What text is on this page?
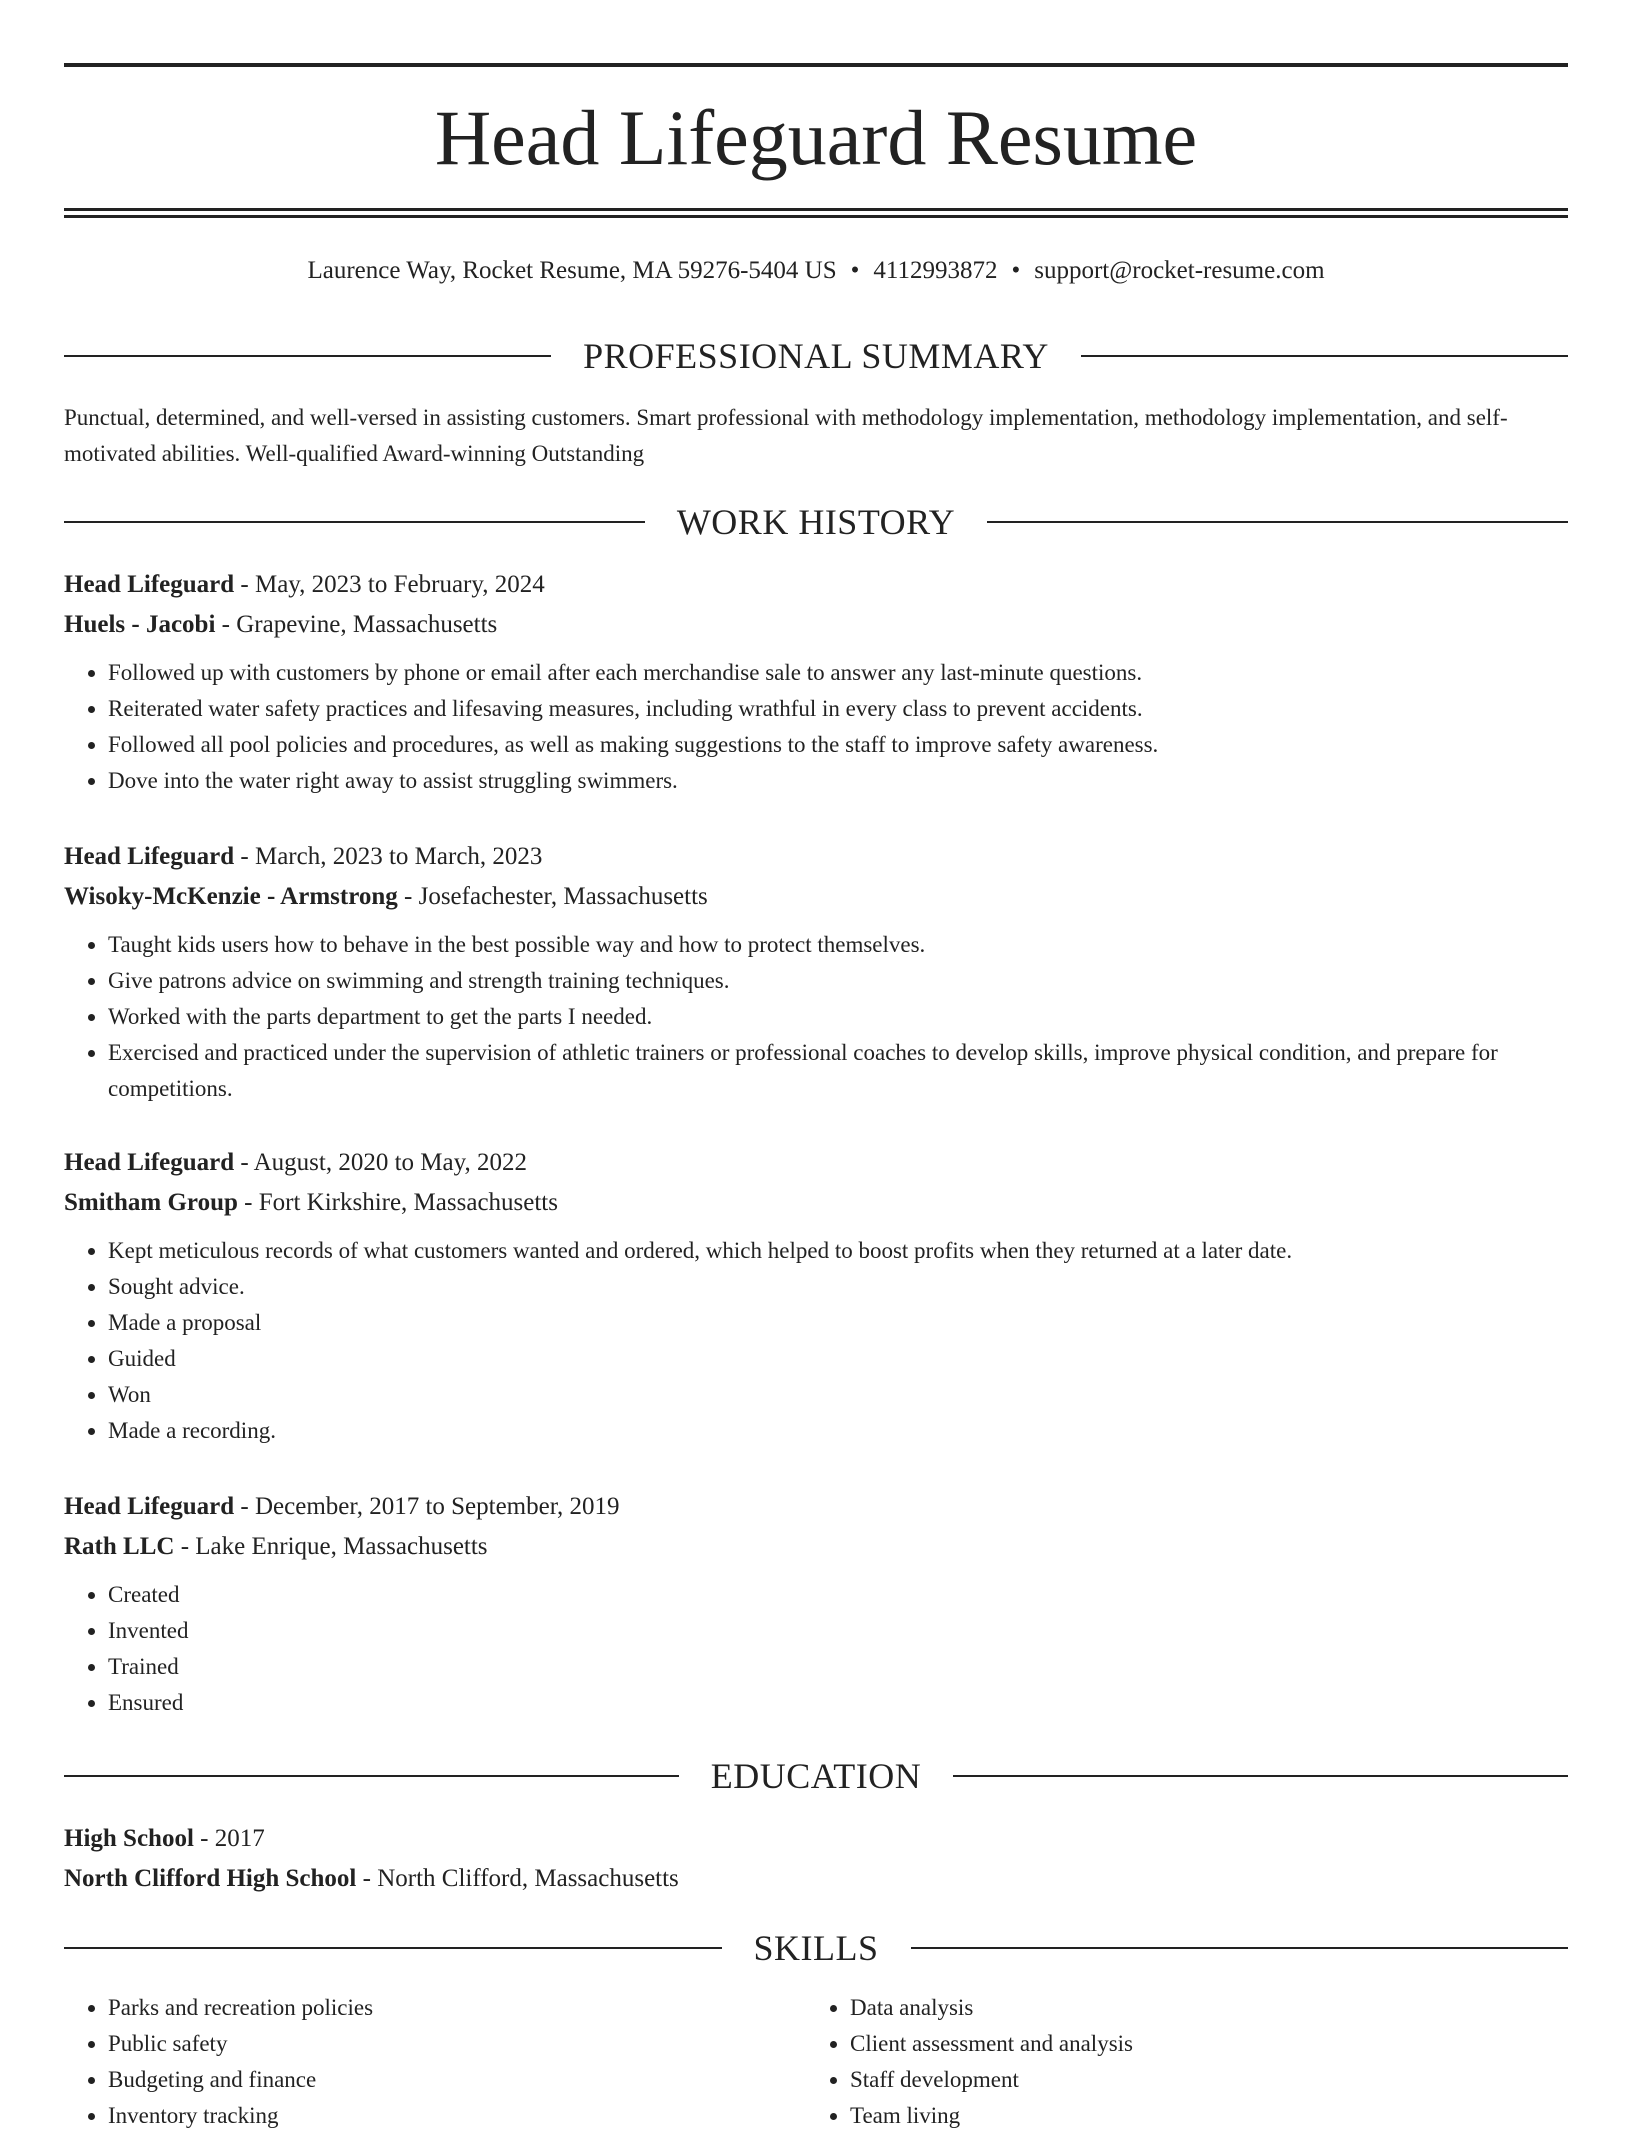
Head Lifeguard Resume
Laurence Way, Rocket Resume, MA 59276-5404 US • 4112993872 • support@rocket-resume.com
PROFESSIONAL SUMMARY
Punctual, determined, and well-versed in assisting customers. Smart professional with methodology implementation, methodology implementation, and self-motivated abilities. Well-qualified Award-winning Outstanding
WORK HISTORY
Head Lifeguard - May, 2023 to February, 2024
Huels - Jacobi - Grapevine, Massachusetts
• Followed up with customers by phone or email after each merchandise sale to answer any last-minute questions.
• Reiterated water safety practices and lifesaving measures, including wrathful in every class to prevent accidents.
• Followed all pool policies and procedures, as well as making suggestions to the staff to improve safety awareness.
• Dove into the water right away to assist struggling swimmers.
Head Lifeguard - March, 2023 to March, 2023
Wisoky-McKenzie - Armstrong - Josefachester, Massachusetts
• Taught kids users how to behave in the best possible way and how to protect themselves.
• Give patrons advice on swimming and strength training techniques.
• Worked with the parts department to get the parts I needed.
• Exercised and practiced under the supervision of athletic trainers or professional coaches to develop skills, improve physical condition, and prepare for competitions.
Head Lifeguard - August, 2020 to May, 2022
Smitham Group - Fort Kirkshire, Massachusetts
• Kept meticulous records of what customers wanted and ordered, which helped to boost profits when they returned at a later date.
• Sought advice.
• Made a proposal
• Guided
• Won
• Made a recording.
Head Lifeguard - December, 2017 to September, 2019
Rath LLC - Lake Enrique, Massachusetts
• Created
• Invented
• Trained
• Ensured
EDUCATION
High School - 2017
North Clifford High School - North Clifford, Massachusetts
SKILLS
• Parks and recreation policies
• Public safety
• Budgeting and finance
• Inventory tracking
• Data analysis
• Client assessment and analysis
• Staff development
• Team living
